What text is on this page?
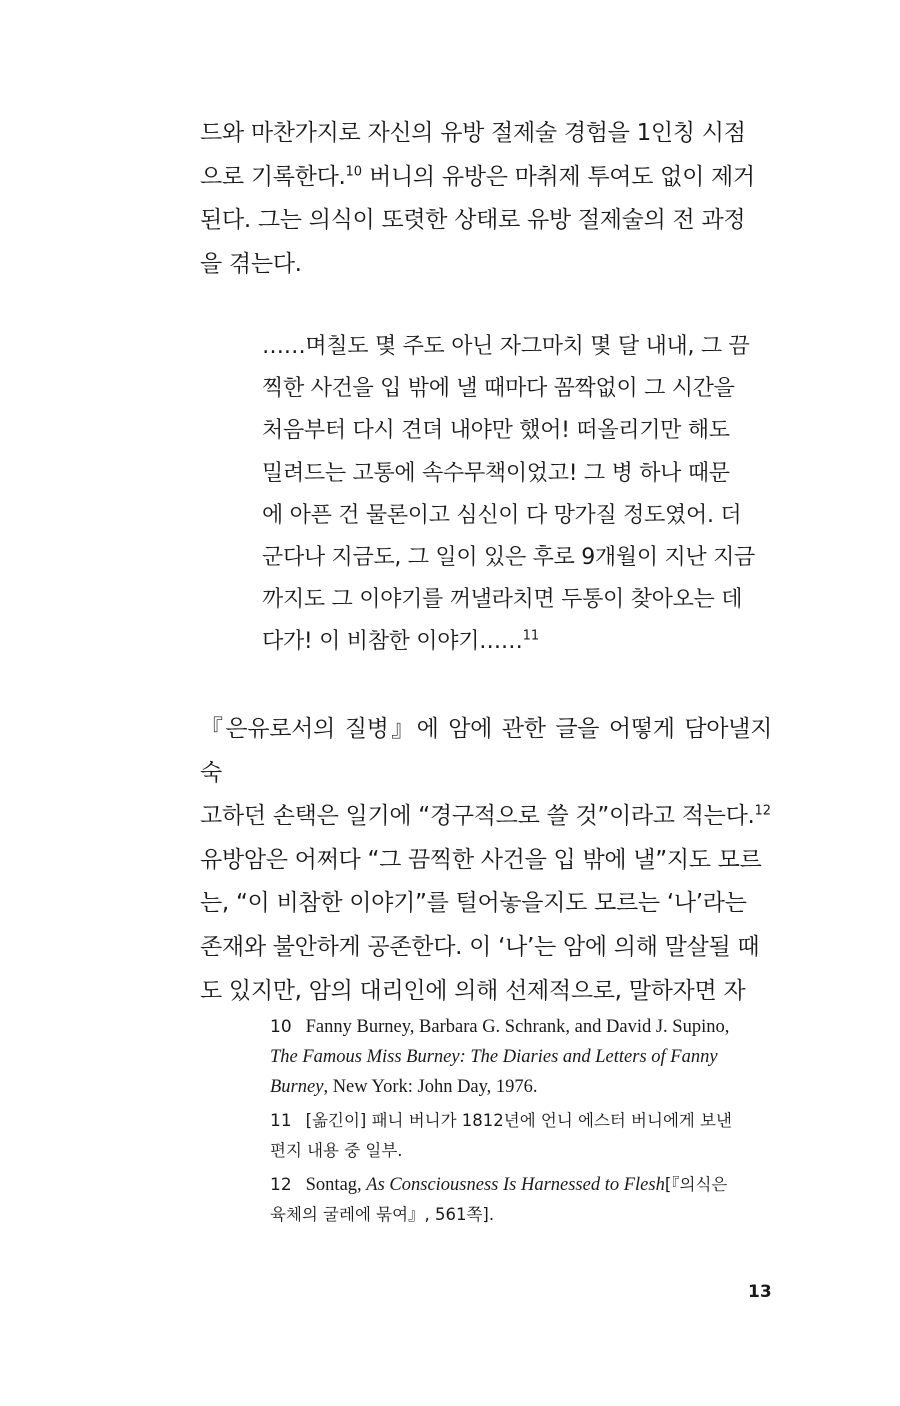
드와 마찬가지로 자신의 유방 절제술 경험을 1인칭 시점
으로 기록한다.$^{10}$ 버니의 유방은 마취제 투여도 없이 제거
된다. 그는 의식이 또렷한 상태로 유방 절제술의 전 과정
을 겪는다.

……며칠도 몇 주도 아닌 자그마치 몇 달 내내, 그 끔
찍한 사건을 입 밖에 낼 때마다 꼼짝없이 그 시간을
처음부터 다시 견뎌 내야만 했어! 떠올리기만 해도
밀려드는 고통에 속수무책이었고! 그 병 하나 때문
에 아픈 건 물론이고 심신이 다 망가질 정도였어. 더
군다나 지금도, 그 일이 있은 후로 9개월이 지난 지금
까지도 그 이야기를 꺼낼라치면 두통이 찾아오는 데
다가! 이 비참한 이야기……$^{11}$

『은유로서의 질병』에 암에 관한 글을 어떻게 담아낼지 숙
고하던 손택은 일기에 “경구적으로 쓸 것”이라고 적는다.$^{12}$
유방암은 어쩌다 “그 끔찍한 사건을 입 밖에 낼”지도 모르
는, “이 비참한 이야기”를 털어놓을지도 모르는 ‘나’라는
존재와 불안하게 공존한다. 이 ‘나’는 암에 의해 말살될 때
도 있지만, 암의 대리인에 의해 선제적으로, 말하자면 자

10 Fanny Burney, Barbara G. Schrank, and David J. Supino,
The Famous Miss Burney: The Diaries and Letters of Fanny
Burney, New York: John Day, 1976.

11 [옮긴이] 패니 버니가 1812년에 언니 에스터 버니에게 보낸
편지 내용 중 일부.

12 Sontag, As Consciousness Is Harnessed to Flesh[『의식은
육체의 굴레에 묶여』, 561쪽].

13
